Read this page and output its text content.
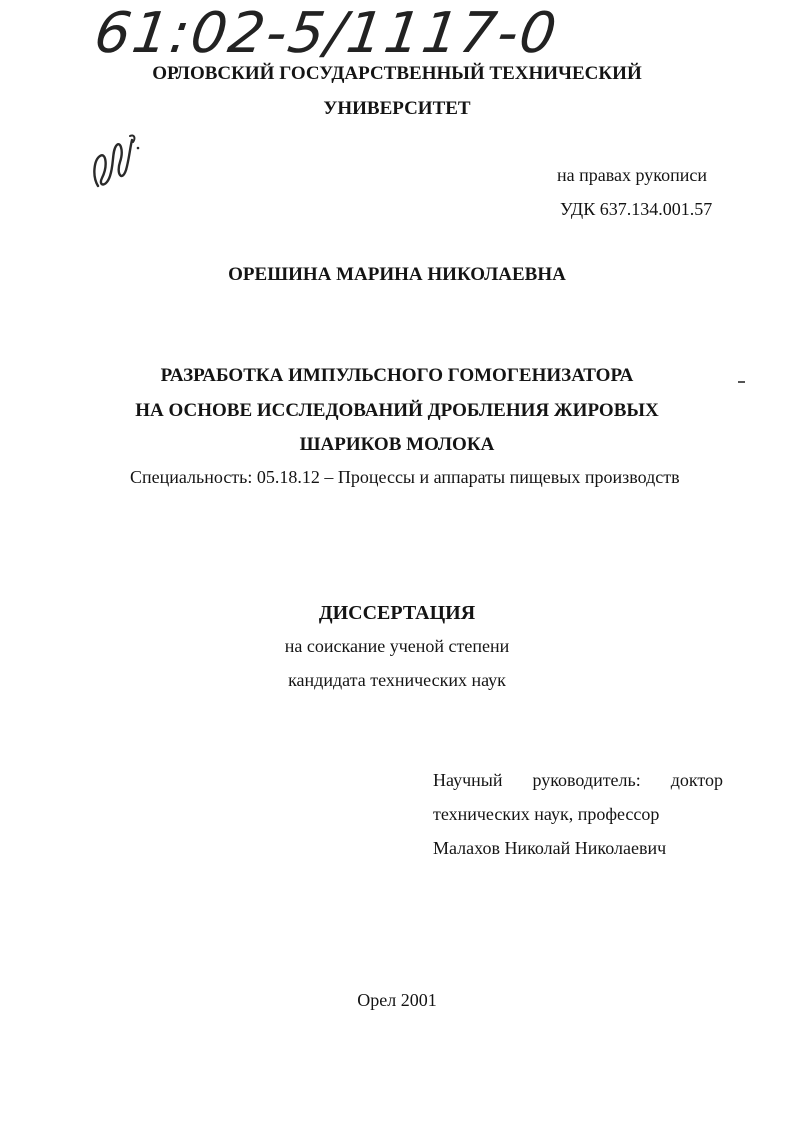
61:02-5/1117-0
ОРЛОВСКИЙ ГОСУДАРСТВЕННЫЙ ТЕХНИЧЕСКИЙ
УНИВЕРСИТЕТ
на правах рукописи
УДК 637.134.001.57
ОРЕШИНА МАРИНА НИКОЛАЕВНА
РАЗРАБОТКА ИМПУЛЬСНОГО ГОМОГЕНИЗАТОРА
НА ОСНОВЕ ИССЛЕДОВАНИЙ ДРОБЛЕНИЯ ЖИРОВЫХ
ШАРИКОВ МОЛОКА
Специальность: 05.18.12 – Процессы и аппараты пищевых производств
ДИССЕРТАЦИЯ
на соискание ученой степени
кандидата технических наук
Научный руководитель: доктор
технических наук, профессор
Малахов Николай Николаевич
Орел 2001
